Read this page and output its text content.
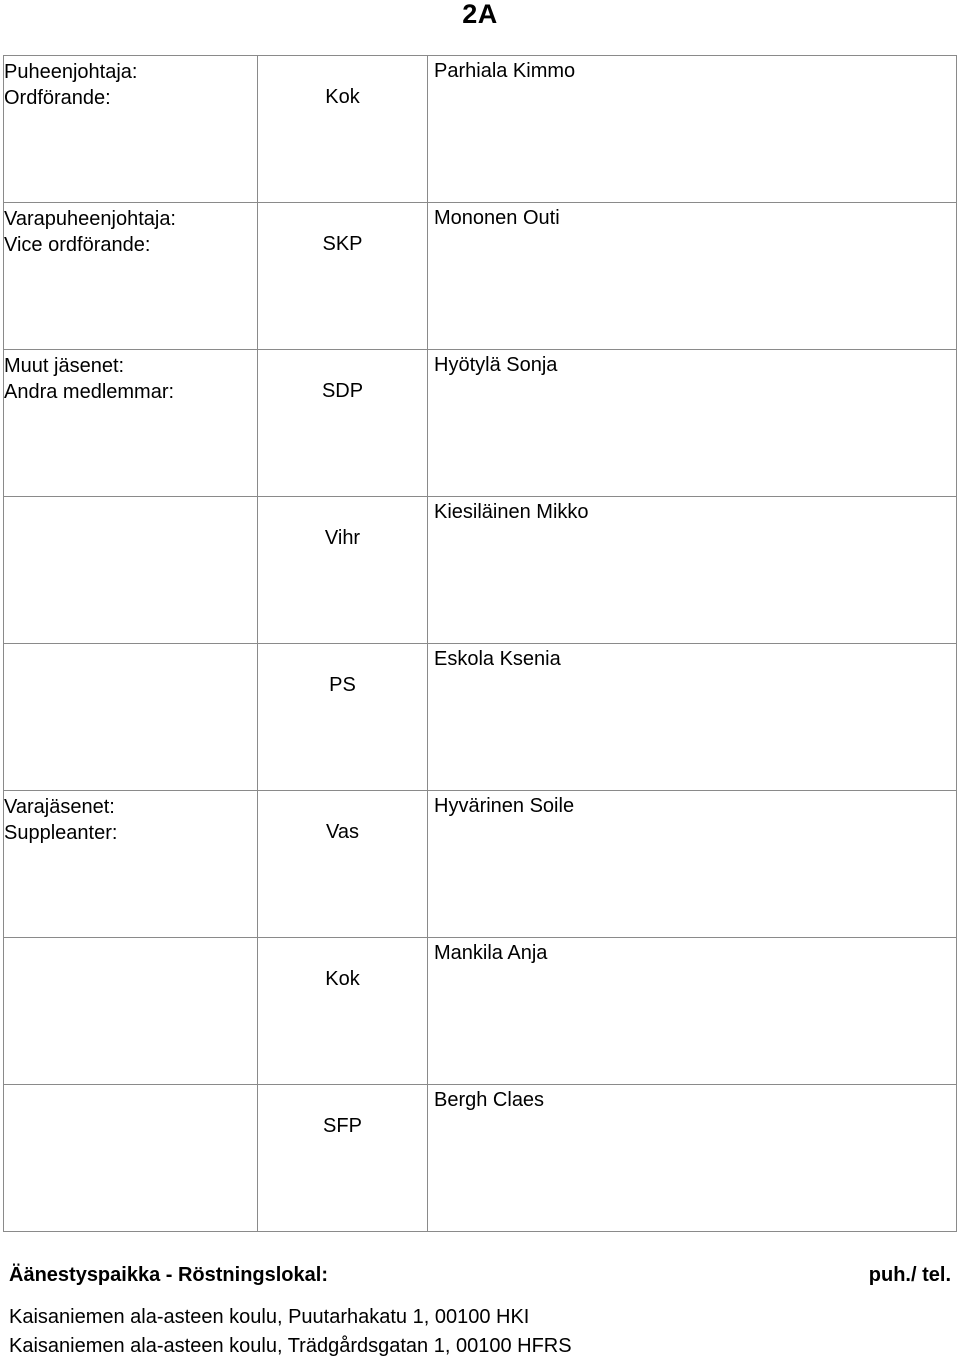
2A
Puheenjohtaja:
Ordförande:	Kok	Parhiala Kimmo

Varapuheenjohtaja:
Vice ordförande:	SKP	Mononen Outi

Muut jäsenet:
Andra medlemmar:	SDP	Hyötylä Sonja

	Vihr	Kiesiläinen Mikko

	PS	Eskola Ksenia

Varajäsenet:
Suppleanter:	Vas	Hyvärinen Soile

	Kok	Mankila Anja

	SFP	Bergh Claes
Äänestyspaikka - Röstningslokal:	puh./ tel.
Kaisaniemen ala-asteen koulu, Puutarhakatu 1, 00100 HKI
Kaisaniemen ala-asteen koulu, Trädgårdsgatan 1, 00100 HFRS
